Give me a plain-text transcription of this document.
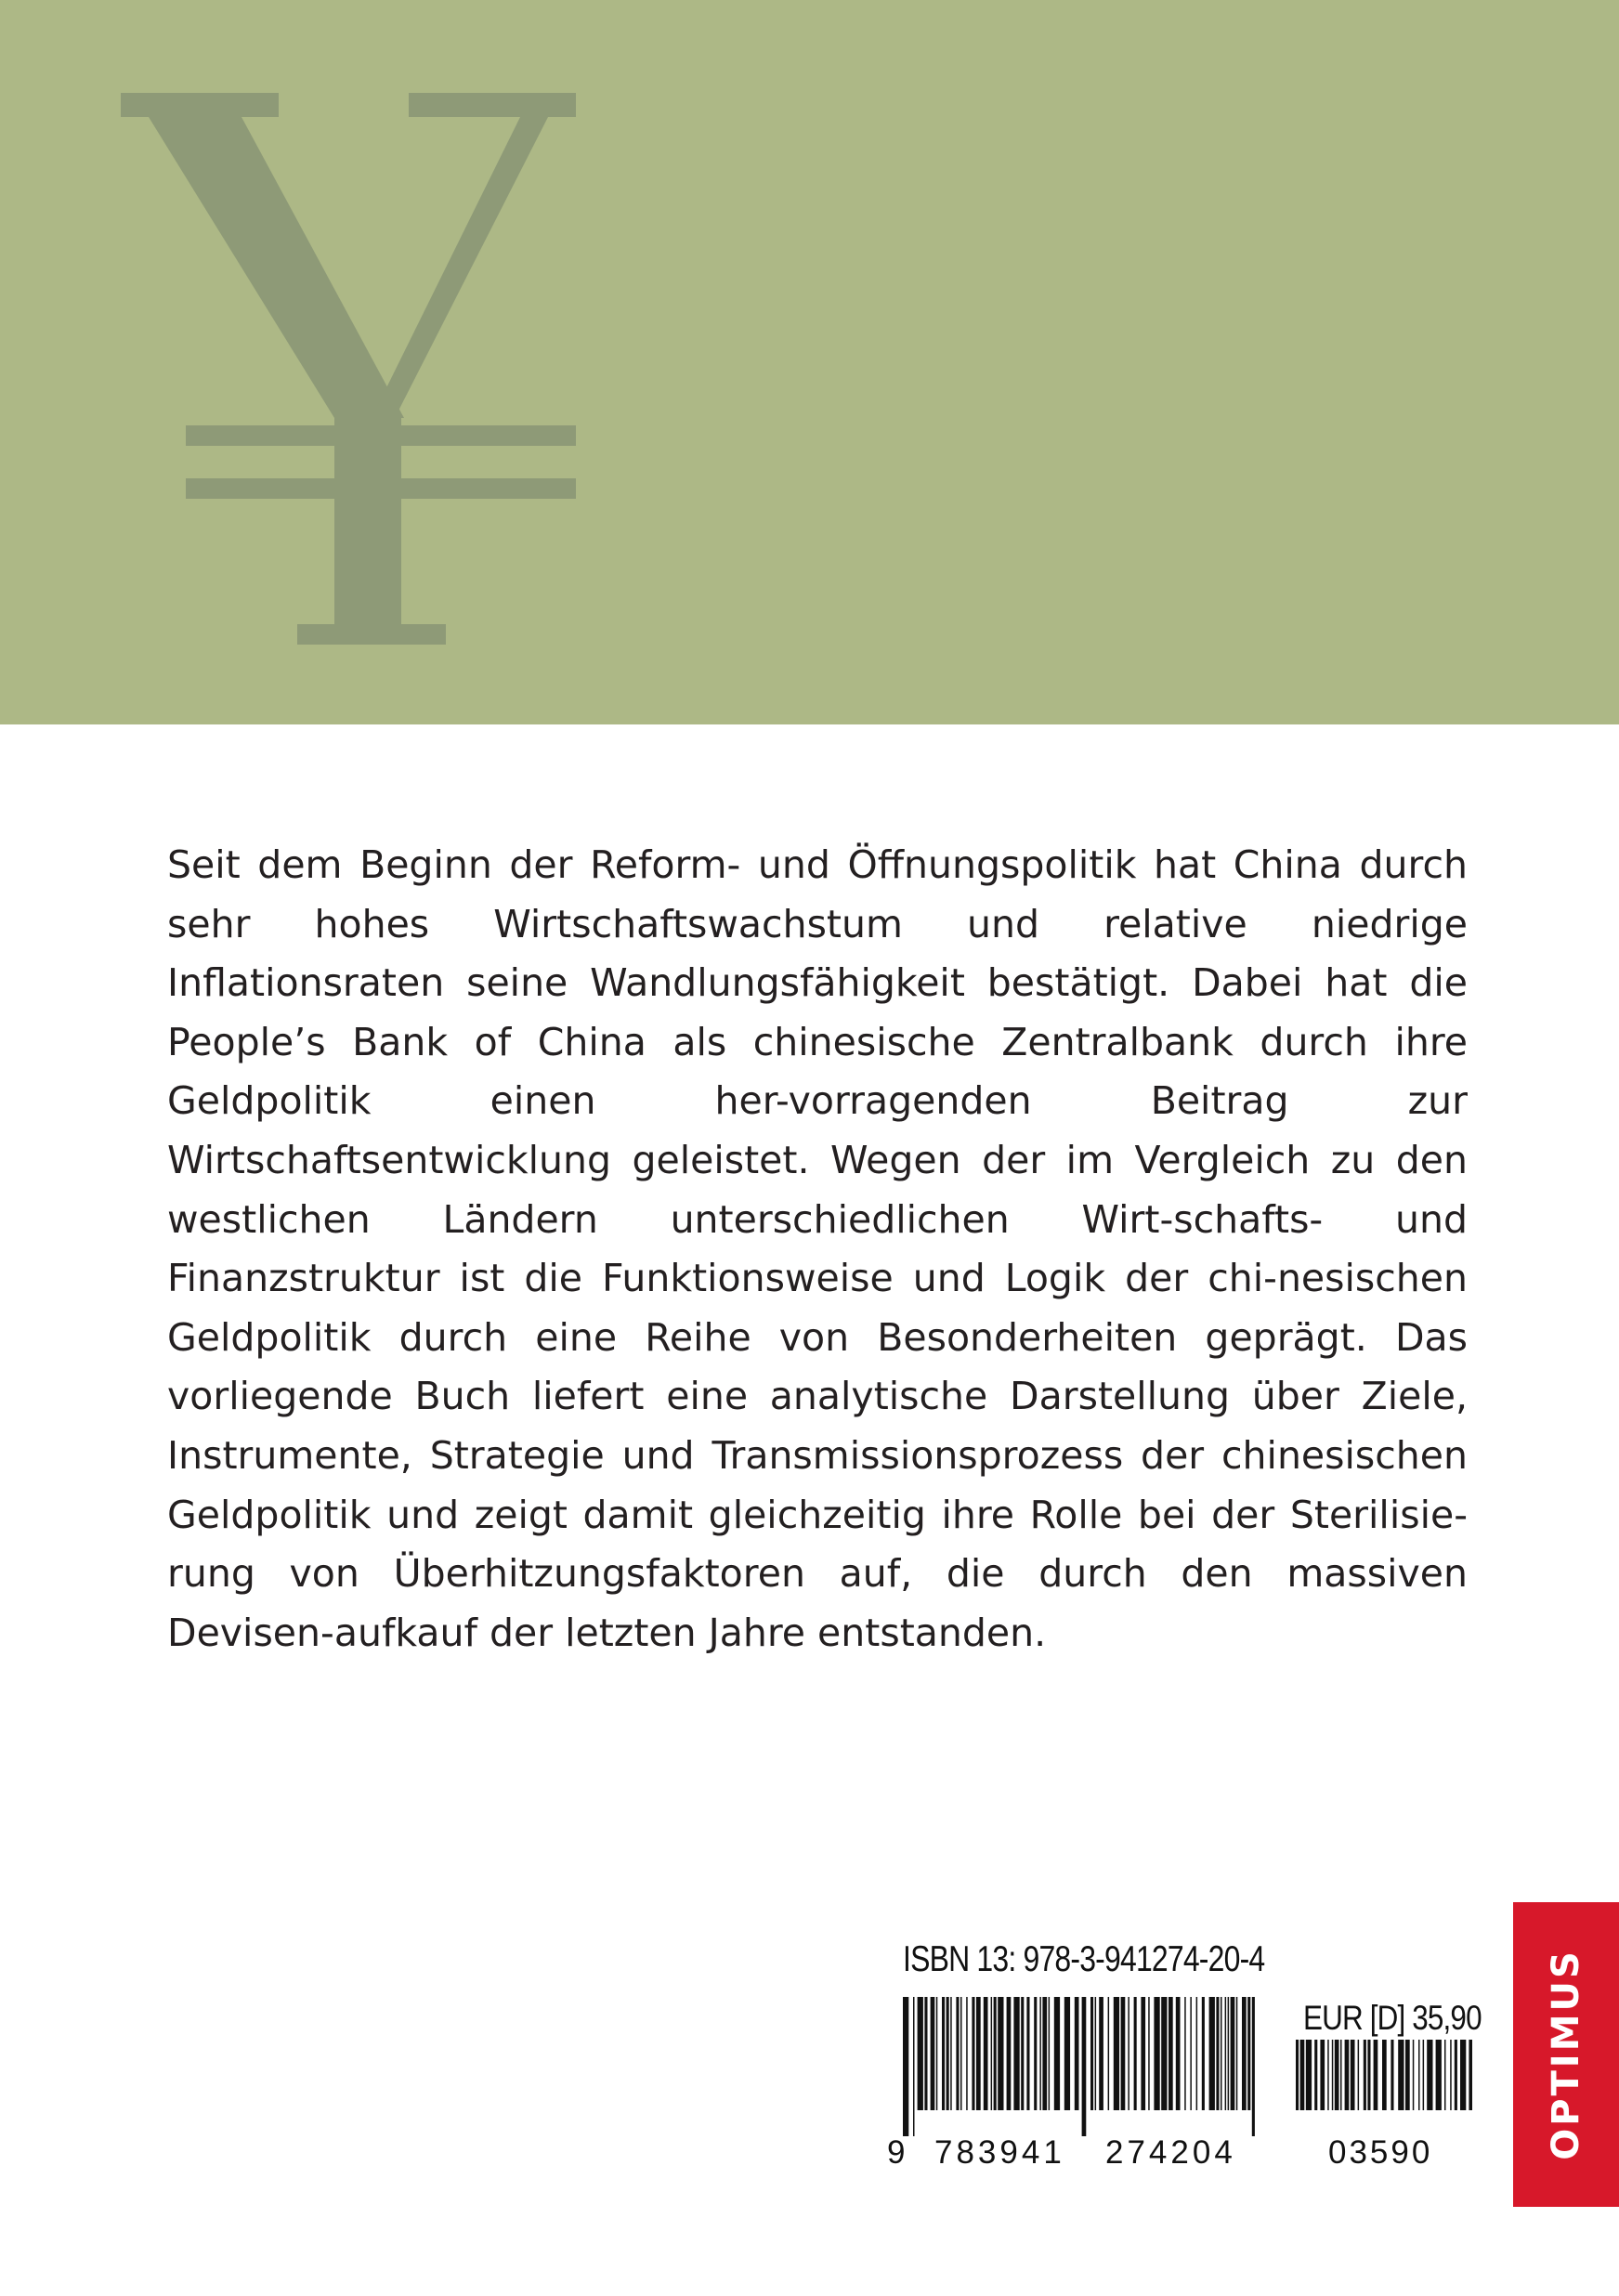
Seit dem Beginn der Reform- und Öffnungspolitik hat China durch sehr hohes Wirtschaftswachstum und relative niedrige Inflationsraten seine Wandlungsfähigkeit bestätigt. Dabei hat die People’s Bank of China als chinesische Zentralbank durch ihre Geldpolitik einen her-vorragenden Beitrag zur Wirtschaftsentwicklung geleistet. Wegen der im Vergleich zu den westlichen Ländern unterschiedlichen Wirt-schafts- und Finanzstruktur ist die Funktionsweise und Logik der chi-nesischen Geldpolitik durch eine Reihe von Besonderheiten geprägt. Das vorliegende Buch liefert eine analytische Darstellung über Ziele, Instrumente, Strategie und Transmissionsprozess der chinesischen Geldpolitik und zeigt damit gleichzeitig ihre Rolle bei der Sterilisie-rung von Überhitzungsfaktoren auf, die durch den massiven Devisen-aufkauf der letzten Jahre entstanden.

ISBN 13: 978-3-941274-20-4
EUR [D] 35,90
9 783941 274204	03590	OPTIMUS
